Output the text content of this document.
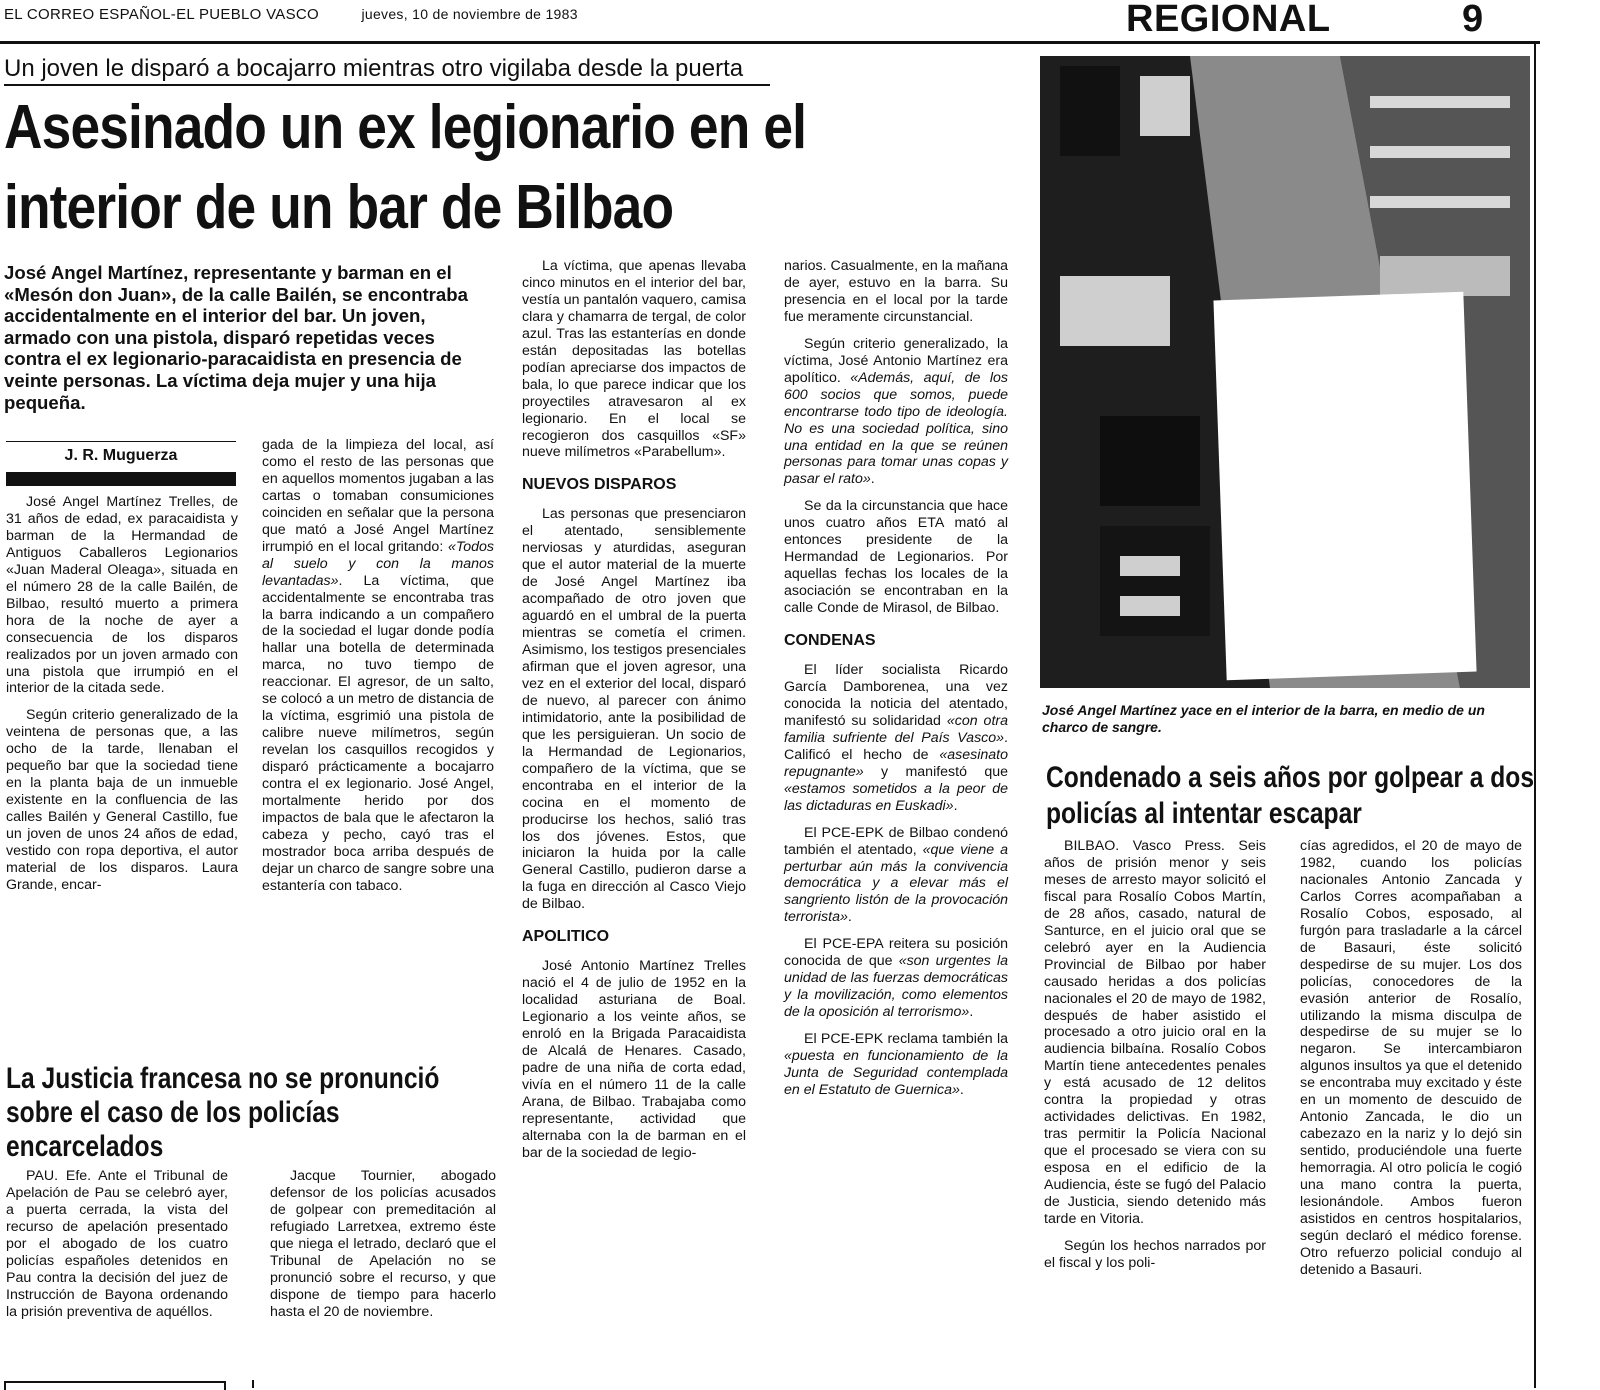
EL CORREO ESPAÑOL-EL PUEBLO VASCO	jueves, 10 de noviembre de 1983	REGIONAL	9
Un joven le disparó a bocajarro mientras otro vigilaba desde la puerta
Asesinado un ex legionario en el interior de un bar de Bilbao
José Angel Martínez, representante y barman en el «Mesón don Juan», de la calle Bailén, se encontraba accidentalmente en el interior del bar. Un joven, armado con una pistola, disparó repetidas veces contra el ex legionario-paracaidista en presencia de veinte personas. La víctima deja mujer y una hija pequeña.
J. R. Muguerza

José Angel Martínez Trelles, de 31 años de edad, ex paracaidista y barman de la Hermandad de Antiguos Caballeros Legionarios «Juan Maderal Oleaga», situada en el número 28 de la calle Bailén, de Bilbao, resultó muerto a primera hora de la noche de ayer a consecuencia de los disparos realizados por un joven armado con una pistola que irrumpió en el interior de la citada sede.

Según criterio generalizado de la veintena de personas que, a las ocho de la tarde, llenaban el pequeño bar que la sociedad tiene en la planta baja de un inmueble existente en la confluencia de las calles Bailén y General Castillo, fue un joven de unos 24 años de edad, vestido con ropa deportiva, el autor material de los disparos. Laura Grande, encar-

gada de la limpieza del local, así como el resto de las personas que en aquellos momentos jugaban a las cartas o tomaban consumiciones coinciden en señalar que la persona que mató a José Angel Martínez irrumpió en el local gritando: «Todos al suelo y con la manos levantadas». La víctima, que accidentalmente se encontraba tras la barra indicando a un compañero de la sociedad el lugar donde podía hallar una botella de determinada marca, no tuvo tiempo de reaccionar. El agresor, de un salto, se colocó a un metro de distancia de la víctima, esgrimió una pistola de calibre nueve milímetros, según revelan los casquillos recogidos y disparó prácticamente a bocajarro contra el ex legionario. José Angel, mortalmente herido por dos impactos de bala que le afectaron la cabeza y pecho, cayó tras el mostrador boca arriba después de dejar un charco de sangre sobre una estantería con tabaco.

La víctima, que apenas llevaba cinco minutos en el interior del bar, vestía un pantalón vaquero, camisa clara y chamarra de tergal, de color azul. Tras las estanterías en donde están depositadas las botellas podían apreciarse dos impactos de bala, lo que parece indicar que los proyectiles atravesaron al ex legionario. En el local se recogieron dos casquillos «SF» nueve milímetros «Parabellum».

NUEVOS DISPAROS

Las personas que presenciaron el atentado, sensiblemente nerviosas y aturdidas, aseguran que el autor material de la muerte de José Angel Martínez iba acompañado de otro joven que aguardó en el umbral de la puerta mientras se cometía el crimen. Asimismo, los testigos presenciales afirman que el joven agresor, una vez en el exterior del local, disparó de nuevo, al parecer con ánimo intimidatorio, ante la posibilidad de que les persiguieran. Un socio de la Hermandad de Legionarios, compañero de la víctima, que se encontraba en el interior de la cocina en el momento de producirse los hechos, salió tras los dos jóvenes. Estos, que iniciaron la huida por la calle General Castillo, pudieron darse a la fuga en dirección al Casco Viejo de Bilbao.

APOLITICO

José Antonio Martínez Trelles nació el 4 de julio de 1952 en la localidad asturiana de Boal. Legionario a los veinte años, se enroló en la Brigada Paracaidista de Alcalá de Henares. Casado, padre de una niña de corta edad, vivía en el número 11 de la calle Arana, de Bilbao. Trabajaba como representante, actividad que alternaba con la de barman en el bar de la sociedad de legio-

narios. Casualmente, en la mañana de ayer, estuvo en la barra. Su presencia en el local por la tarde fue meramente circunstancial.

Según criterio generalizado, la víctima, José Antonio Martínez era apolítico. «Además, aquí, de los 600 socios que somos, puede encontrarse todo tipo de ideología. No es una sociedad política, sino una entidad en la que se reúnen personas para tomar unas copas y pasar el rato».

Se da la circunstancia que hace unos cuatro años ETA mató al entonces presidente de la Hermandad de Legionarios. Por aquellas fechas los locales de la asociación se encontraban en la calle Conde de Mirasol, de Bilbao.

CONDENAS

El líder socialista Ricardo García Damborenea, una vez conocida la noticia del atentado, manifestó su solidaridad «con otra familia sufriente del País Vasco». Calificó el hecho de «asesinato repugnante» y manifestó que «estamos sometidos a la peor de las dictaduras en Euskadi».

El PCE-EPK de Bilbao condenó también el atentado, «que viene a perturbar aún más la convivencia democrática y a elevar más el sangriento listón de la provocación terrorista».

El PCE-EPA reitera su posición conocida de que «son urgentes la unidad de las fuerzas democráticas y la movilización, como elementos de la oposición al terrorismo».

El PCE-EPK reclama también la «puesta en funcionamiento de la Junta de Seguridad contemplada en el Estatuto de Guernica».

José Angel Martínez yace en el interior de la barra, en medio de un charco de sangre.
Condenado a seis años por golpear a dos policías al intentar escapar

BILBAO. Vasco Press. Seis años de prisión menor y seis meses de arresto mayor solicitó el fiscal para Rosalío Cobos Martín, de 28 años, casado, natural de Santurce, en el juicio oral que se celebró ayer en la Audiencia Provincial de Bilbao por haber causado heridas a dos policías nacionales el 20 de mayo de 1982, después de haber asistido el procesado a otro juicio oral en la audiencia bilbaína. Rosalío Cobos Martín tiene antecedentes penales y está acusado de 12 delitos contra la propiedad y otras actividades delictivas. En 1982, tras permitir la Policía Nacional que el procesado se viera con su esposa en el edificio de la Audiencia, éste se fugó del Palacio de Justicia, siendo detenido más tarde en Vitoria.

Según los hechos narrados por el fiscal y los poli-

cías agredidos, el 20 de mayo de 1982, cuando los policías nacionales Antonio Zancada y Carlos Corres acompañaban a Rosalío Cobos, esposado, al furgón para trasladarle a la cárcel de Basauri, éste solicitó despedirse de su mujer. Los dos policías, conocedores de la evasión anterior de Rosalío, utilizando la misma disculpa de despedirse de su mujer se lo negaron. Se intercambiaron algunos insultos ya que el detenido se encontraba muy excitado y éste en un momento de descuido de Antonio Zancada, le dio un cabezazo en la nariz y lo dejó sin sentido, produciéndole una fuerte hemorragia. Al otro policía le cogió una mano contra la puerta, lesionándole. Ambos fueron asistidos en centros hospitalarios, según declaró el médico forense. Otro refuerzo policial condujo al detenido a Basauri.

La Justicia francesa no se pronunció sobre el caso de los policías encarcelados

PAU. Efe. Ante el Tribunal de Apelación de Pau se celebró ayer, a puerta cerrada, la vista del recurso de apelación presentado por el abogado de los cuatro policías españoles detenidos en Pau contra la decisión del juez de Instrucción de Bayona ordenando la prisión preventiva de aquéllos.

Jacque Tournier, abogado defensor de los policías acusados de golpear con premeditación al refugiado Larretxea, extremo éste que niega el letrado, declaró que el Tribunal de Apelación no se pronunció sobre el recurso, y que dispone de tiempo para hacerlo hasta el 20 de noviembre.
